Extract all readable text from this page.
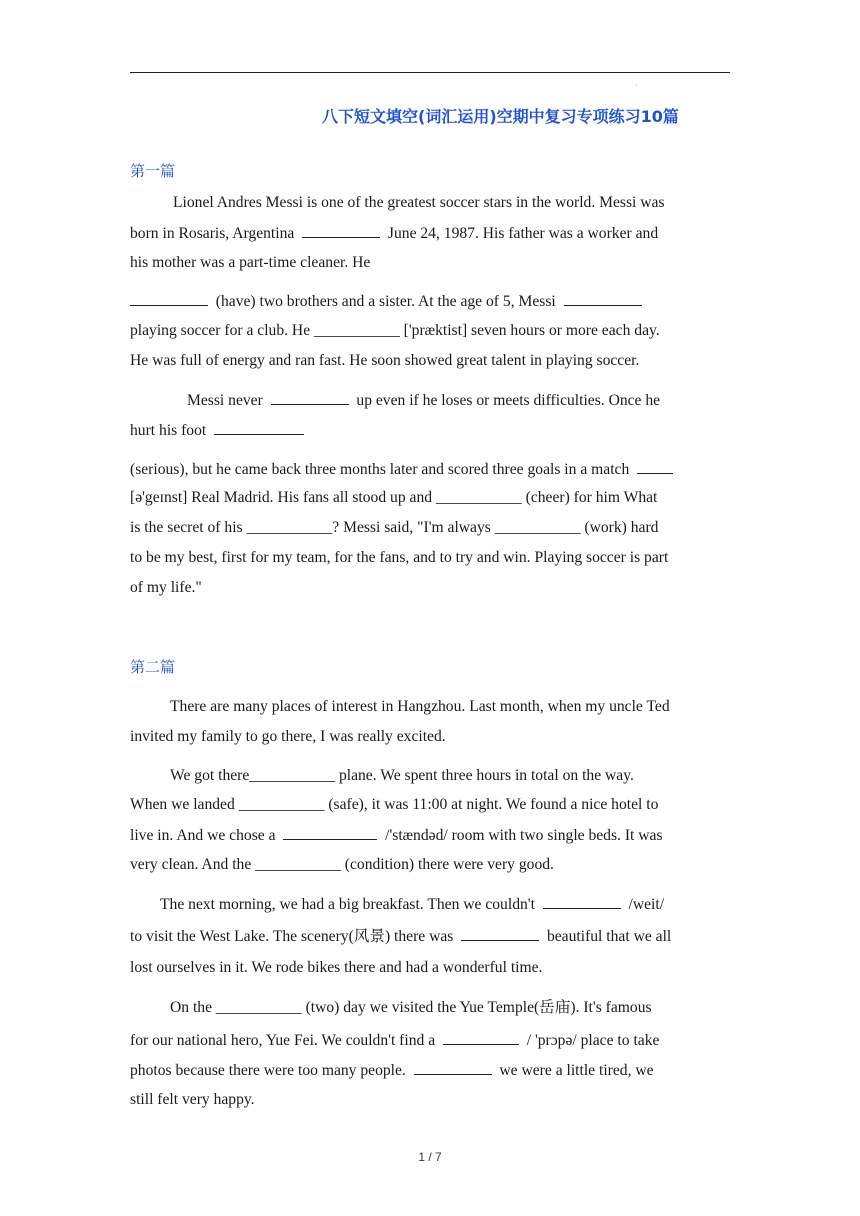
·
八下短文填空(词汇运用)空期中复习专项练习10篇
第一篇
Lionel Andres Messi is one of the greatest soccer stars in the world. Messi was
born in Rosaris, Argentina	June 24, 1987. His father was a worker and
his mother was a part-time cleaner. He
(have) two brothers and a sister. At the age of 5, Messi
playing soccer for a club. He ___________ ['præktist] seven hours or more each day.
He was full of energy and ran fast. He soon showed great talent in playing soccer.
Messi never	up even if he loses or meets difficulties. Once he
hurt his foot
(serious), but he came back three months later and scored three goals in a match
[ə'geɪnst] Real Madrid. His fans all stood up and ___________ (cheer) for him What
is the secret of his ___________? Messi said, "I'm always ___________ (work) hard
to be my best, first for my team, for the fans, and to try and win. Playing soccer is part
of my life."
第二篇
There are many places of interest in Hangzhou. Last month, when my uncle Ted
invited my family to go there, I was really excited.
We got there___________ plane. We spent three hours in total on the way.
When we landed ___________ (safe), it was 11:00 at night. We found a nice hotel to
live in. And we chose a	/'stændəd/ room with two single beds. It was
very clean. And the ___________ (condition) there were very good.
The next morning, we had a big breakfast. Then we couldn't	/weit/
to visit the West Lake. The scenery(风景) there was	beautiful that we all
lost ourselves in it. We rode bikes there and had a wonderful time.
On the ___________ (two) day we visited the Yue Temple(岳庙). It's famous
for our national hero, Yue Fei. We couldn't find a	/ 'prɔpə/ place to take
photos because there were too many people.	we were a little tired, we
still felt very happy.
1 / 7
